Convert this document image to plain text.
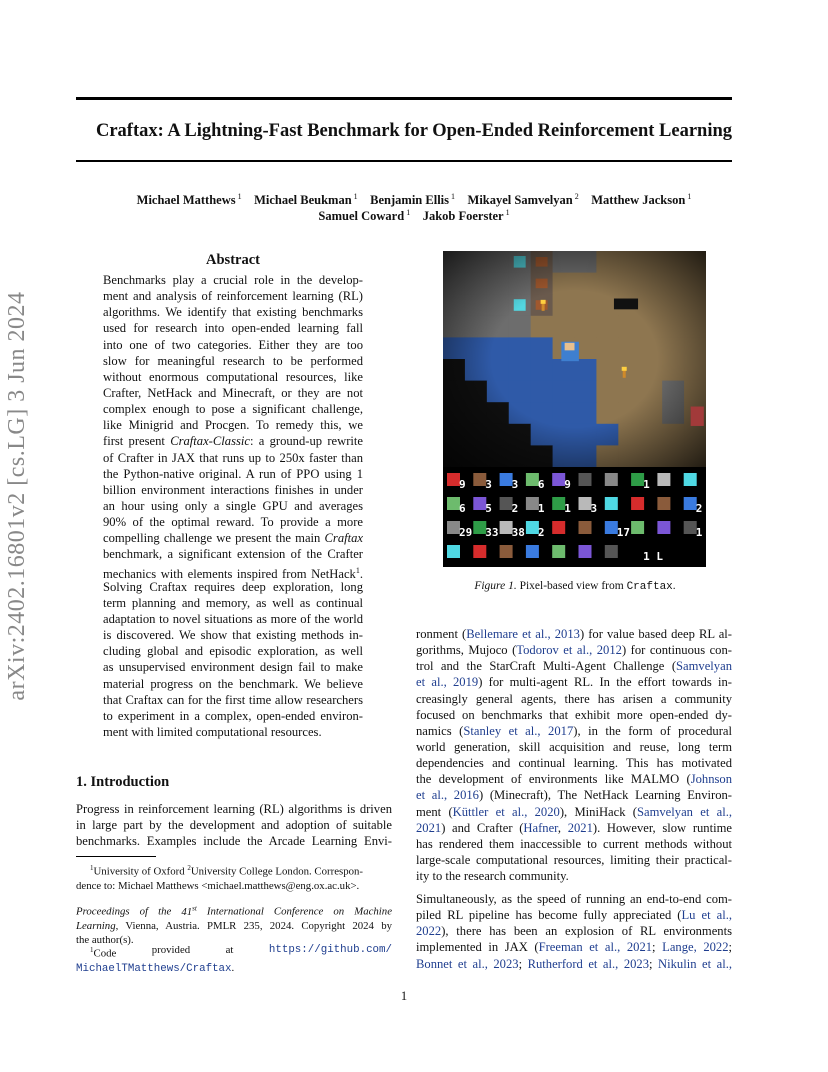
Craftax: A Lightning-Fast Benchmark for Open-Ended Reinforcement Learning
Michael Matthews $^1$  Michael Beukman $^1$  Benjamin Ellis $^1$  Mikayel Samvelyan $^2$  Matthew Jackson $^1$
Samuel Coward $^1$  Jakob Foerster $^1$
arXiv:2402.16801v2 [cs.LG] 3 Jun 2024
Abstract
Benchmarks play a crucial role in the develop-
ment and analysis of reinforcement learning (RL)
algorithms. We identify that existing benchmarks
used for research into open-ended learning fall
into one of two categories. Either they are too
slow for meaningful research to be performed
without enormous computational resources, like
Crafter, NetHack and Minecraft, or they are not
complex enough to pose a significant challenge,
like Minigrid and Procgen. To remedy this, we
first present Craftax-Classic: a ground-up rewrite
of Crafter in JAX that runs up to 250x faster than
the Python-native original. A run of PPO using 1
billion environment interactions finishes in under
an hour using only a single GPU and averages
90% of the optimal reward. To provide a more
compelling challenge we present the main Craftax
benchmark, a significant extension of the Crafter
mechanics with elements inspired from NetHack$^1$.
Solving Craftax requires deep exploration, long
term planning and memory, as well as continual
adaptation to novel situations as more of the world
is discovered. We show that existing methods in-
cluding global and episodic exploration, as well
as unsupervised environment design fail to make
material progress on the benchmark. We believe
that Craftax can for the first time allow researchers
to experiment in a complex, open-ended environ-
ment with limited computational resources.
1. Introduction
Progress in reinforcement learning (RL) algorithms is driven
in large part by the development and adoption of suitable
benchmarks. Examples include the Arcade Learning Envi-
$^1$University of Oxford $^2$University College London. Correspon-
dence to: Michael Matthews <michael.matthews@eng.ox.ac.uk>.
Proceedings of the 41st International Conference on Machine
Learning, Vienna, Austria. PMLR 235, 2024. Copyright 2024 by
the author(s).
$^1$Code	provided	at	https://github.com/
MichaelTMatthews/Craftax.
9 3 3 6 9	1
6 5 2 1 1 3	2
29 33 38 2	17	1
1 L
Figure 1. Pixel-based view from Craftax.
ronment (Bellemare et al., 2013) for value based deep RL al-
gorithms, Mujoco (Todorov et al., 2012) for continuous con-
trol and the StarCraft Multi-Agent Challenge (Samvelyan
et al., 2019) for multi-agent RL. In the effort towards in-
creasingly general agents, there has arisen a community
focused on benchmarks that exhibit more open-ended dy-
namics (Stanley et al., 2017), in the form of procedural
world generation, skill acquisition and reuse, long term
dependencies and continual learning. This has motivated
the development of environments like MALMO (Johnson
et al., 2016) (Minecraft), The NetHack Learning Environ-
ment (Küttler et al., 2020), MiniHack (Samvelyan et al.,
2021) and Crafter (Hafner, 2021). However, slow runtime
has rendered them inaccessible to current methods without
large-scale computational resources, limiting their practical-
ity to the research community.
Simultaneously, as the speed of running an end-to-end com-
piled RL pipeline has become fully appreciated (Lu et al.,
2022), there has been an explosion of RL environments
implemented in JAX (Freeman et al., 2021; Lange, 2022;
Bonnet et al., 2023; Rutherford et al., 2023; Nikulin et al.,
1
